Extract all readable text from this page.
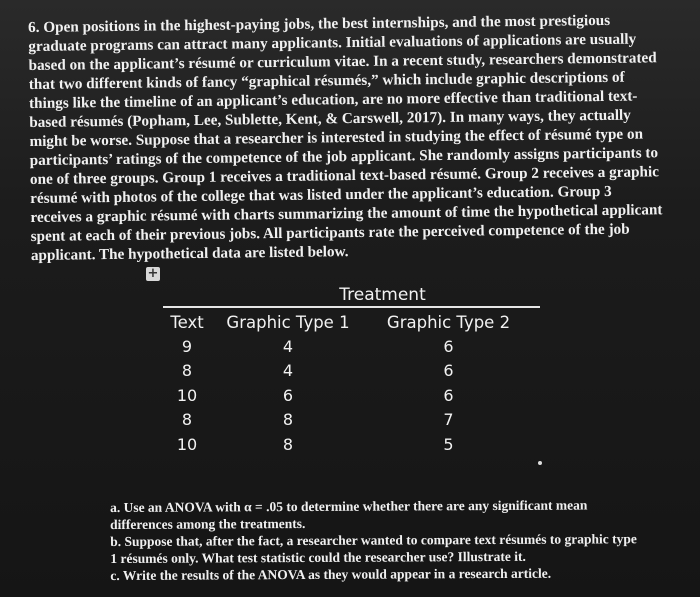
6. Open positions in the highest-paying jobs, the best internships, and the most prestigious
graduate programs can attract many applicants. Initial evaluations of applications are usually
based on the applicant’s résumé or curriculum vitae. In a recent study, researchers demonstrated
that two different kinds of fancy “graphical résumés,” which include graphic descriptions of
things like the timeline of an applicant’s education, are no more effective than traditional text-
based résumés (Popham, Lee, Sublette, Kent, & Carswell, 2017). In many ways, they actually
might be worse. Suppose that a researcher is interested in studying the effect of résumé type on
participants’ ratings of the competence of the job applicant. She randomly assigns participants to
one of three groups. Group 1 receives a traditional text-based résumé. Group 2 receives a graphic
résumé with photos of the college that was listed under the applicant’s education. Group 3
receives a graphic résumé with charts summarizing the amount of time the hypothetical applicant
spent at each of their previous jobs. All participants rate the perceived competence of the job
applicant. The hypothetical data are listed below.
+
Treatment
Text	Graphic Type 1	Graphic Type 2
9	4	6
8	4	6
10	6	6
8	8	7
10	8	5

a. Use an ANOVA with α = .05 to determine whether there are any significant mean differences among the treatments.

b. Suppose that, after the fact, a researcher wanted to compare text résumés to graphic type 1 résumés only. What test statistic could the researcher use? Illustrate it.

c. Write the results of the ANOVA as they would appear in a research article.
